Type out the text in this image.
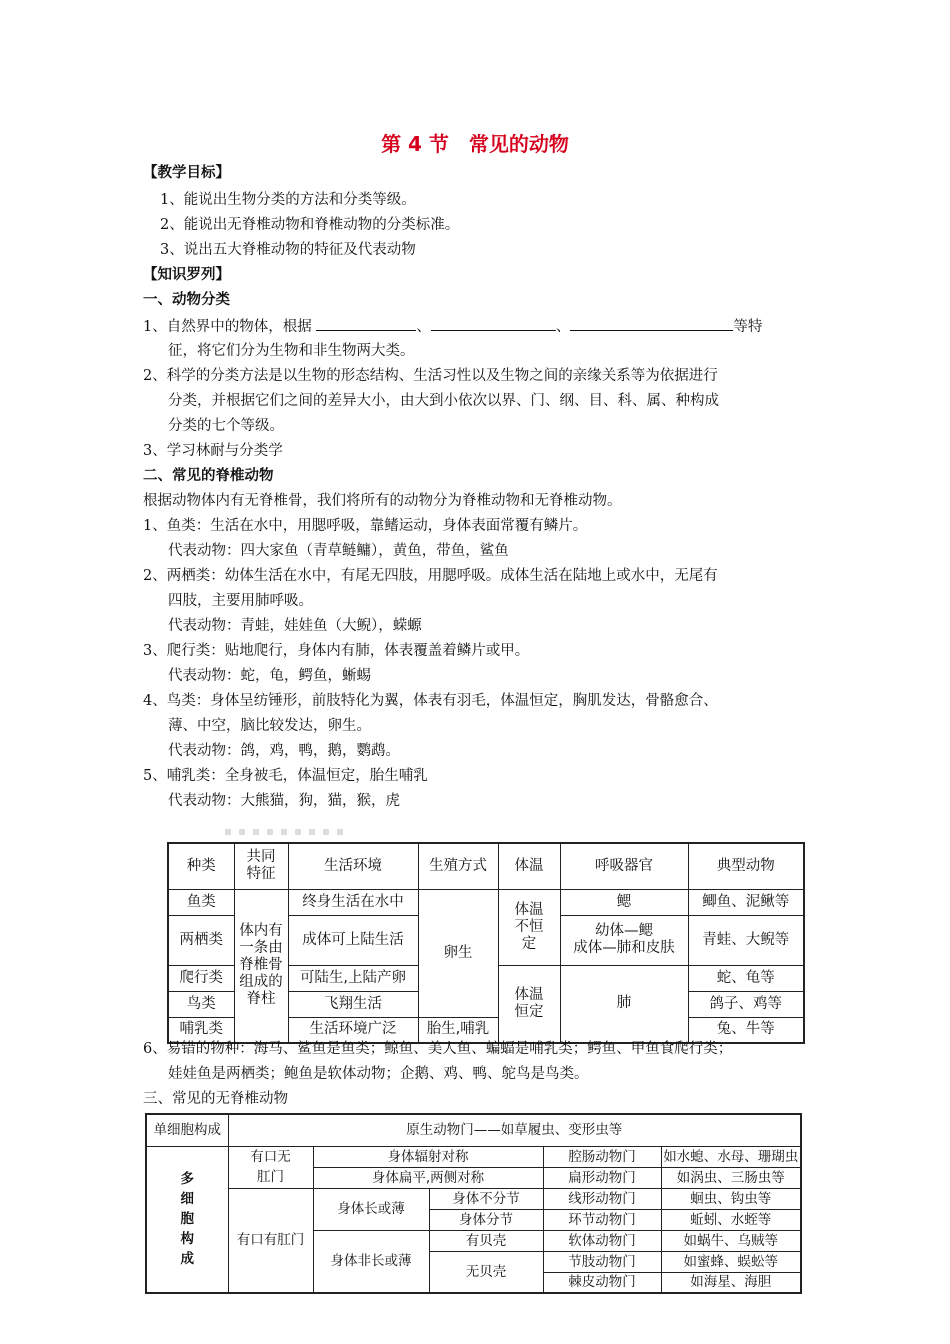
第 4 节　常见的动物
【教学目标】
1、能说出生物分类的方法和分类等级。
2、能说出无脊椎动物和脊椎动物的分类标准。
3、说出五大脊椎动物的特征及代表动物
【知识罗列】
一、动物分类
1、自然界中的物体，根据	、	、	等特
征，将它们分为生物和非生物两大类。
2、科学的分类方法是以生物的形态结构、生活习性以及生物之间的亲缘关系等为依据进行
分类，并根据它们之间的差异大小，由大到小依次以界、门、纲、目、科、属、种构成
分类的七个等级。
3、学习林耐与分类学
二、常见的脊椎动物
根据动物体内有无脊椎骨，我们将所有的动物分为脊椎动物和无脊椎动物。
1、鱼类：生活在水中，用腮呼吸，靠鳍运动，身体表面常覆有鳞片。
代表动物：四大家鱼（青草鲢鳙），黄鱼，带鱼，鲨鱼
2、两栖类：幼体生活在水中，有尾无四肢，用腮呼吸。成体生活在陆地上或水中，无尾有
四肢，主要用肺呼吸。
代表动物：青蛙，娃娃鱼（大鲵），蝾螈
3、爬行类：贴地爬行，身体内有肺，体表覆盖着鳞片或甲。
代表动物：蛇，龟，鳄鱼，蜥蜴
4、鸟类：身体呈纺锤形，前肢特化为翼，体表有羽毛，体温恒定，胸肌发达，骨骼愈合、
薄、中空，脑比较发达，卵生。
代表动物：鸽，鸡，鸭，鹅，鹦鹉。
5、哺乳类：全身被毛，体温恒定，胎生哺乳
代表动物：大熊猫，狗，猫，猴，虎
种类	共同特征	生活环境	生殖方式	体温	呼吸器官	典型动物
鱼类	体内有一条由脊椎骨组成的脊柱	终身生活在水中	卵生	体温不恒定	鳃	鲫鱼、泥鳅等
两栖类		成体可上陆生活			幼体—鳃
成体—肺和皮肤	青蛙、大鲵等
爬行类		可陆生,上陆产卵		体温恒定	肺	蛇、龟等
鸟类		飞翔生活				鸽子、鸡等
哺乳类		生活环境广泛	胎生,哺乳			兔、牛等
6、易错的物种：海马、鲨鱼是鱼类；鲸鱼、美人鱼、蝙蝠是哺乳类；鳄鱼、甲鱼食爬行类；
娃娃鱼是两栖类；鲍鱼是软体动物；企鹅、鸡、鸭、鸵鸟是鸟类。
三、常见的无脊椎动物
单细胞构成	原生动物门——如草履虫、变形虫等				
多细胞构成	有口无肛门	身体辐射对称		腔肠动物门	如水螅、水母、珊瑚虫
		身体扁平,两侧对称		扁形动物门	如涡虫、三肠虫等
	有口有肛门	身体长或薄	身体不分节	线形动物门	蛔虫、钩虫等
			身体分节	环节动物门	蚯蚓、水蛭等
		身体非长或薄	有贝壳	软体动物门	如蜗牛、乌贼等
			无贝壳	节肢动物门	如蜜蜂、蜈蚣等
				棘皮动物门	如海星、海胆
